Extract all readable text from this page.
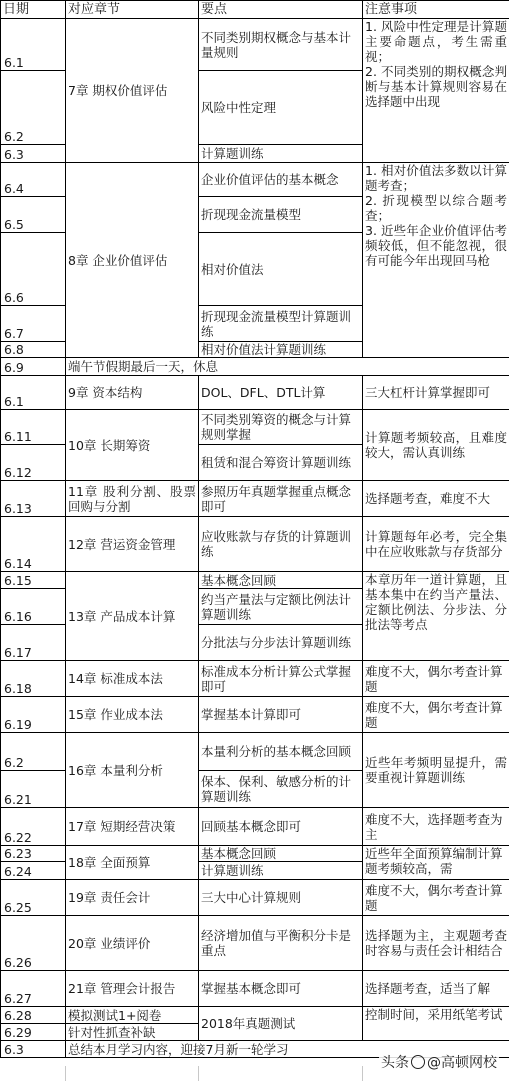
日期	对应章节	要点	注意事项
6.1	7章 期权价值评估	不同类别期权概念与基本计量规则	1. 风险中性定理是计算题主要命题点，考生需重视；
2. 不同类别的期权概念判断与基本计算规则容易在选择题中出现

6.2		风险中性定理	
6.3		计算题训练	
6.4	8章 企业价值评估	企业价值评估的基本概念	1. 相对价值法多数以计算题考查；
2. 折现模型以综合题考查；
3. 近些年企业价值评估考频较低，但不能忽视，很有可能今年出现回马枪

6.5		折现现金流量模型	
6.6		相对价值法	
6.7		折现现金流量模型计算题训练	
6.8		相对价值法计算题训练	
6.9	端午节假期最后一天，休息		
6.1	9章 资本结构	DOL、DFL、DTL计算	三大杠杆计算掌握即可
6.11	10章 长期筹资	不同类别筹资的概念与计算规则掌握	计算题考频较高，且难度较大，需认真训练
6.12		租赁和混合筹资计算题训练	
6.13	11章 股利分割、股票回购与分割	参照历年真题掌握重点概念即可	选择题考查，难度不大
6.14	12章 营运资金管理	应收账款与存货的计算题训练	计算题每年必考，完全集中在应收账款与存货部分
6.15	13章 产品成本计算	基本概念回顾	本章历年一道计算题，且基本集中在约当产量法、定额比例法、分步法、分批法等考点
6.16		约当产量法与定额比例法计算题训练	
6.17		分批法与分步法计算题训练	
6.18	14章 标准成本法	标准成本分析计算公式掌握即可	难度不大，偶尔考查计算题
6.19	15章 作业成本法	掌握基本计算即可	难度不大，偶尔考查计算题
6.2	16章 本量利分析	本量利分析的基本概念回顾	近些年考频明显提升，需要重视计算题训练
6.21		保本、保利、敏感分析的计算题训练	
6.22	17章 短期经营决策	回顾基本概念即可	难度不大，选择题考查为主
6.23	18章 全面预算	基本概念回顾	近些年全面预算编制计算题考频较高，需
6.24		计算题训练	
6.25	19章 责任会计	三大中心计算规则	难度不大，偶尔考查计算题
6.26	20章 业绩评价	经济增加值与平衡积分卡是重点	选择题为主，主观题考查时容易与责任会计相结合
6.27	21章 管理会计报告	掌握基本概念即可	选择题考查，适当了解
6.28	模拟测试1+阅卷	2018年真题测试	控制时间，采用纸笔考试
6.29	针对性抓查补缺		
6.3	总结本月学习内容，迎接7月新一轮学习		
头条 @高顿网校
